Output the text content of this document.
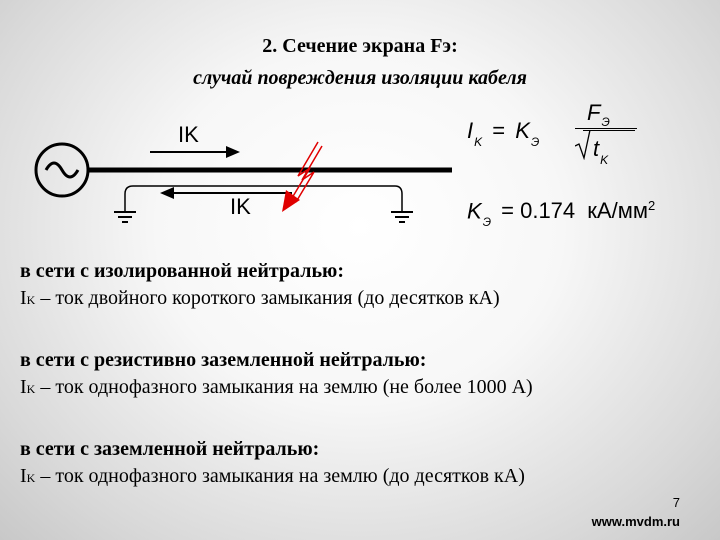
2. Сечение экрана Fэ:
случай повреждения изоляции кабеля
IK
IK
$I_K = K_Э$
$F_Э$
$t_K$
$K_Э = 0.174$ $кА/мм^2$
в сети с изолированной нейтралью:
IK – ток двойного короткого замыкания (до десятков кА)
в сети с резистивно заземленной нейтралью:
IK – ток однофазного замыкания на землю (не более 1000 А)
в сети с заземленной нейтралью:
IK – ток однофазного замыкания на землю (до десятков кА)
7
www.mvdm.ru
